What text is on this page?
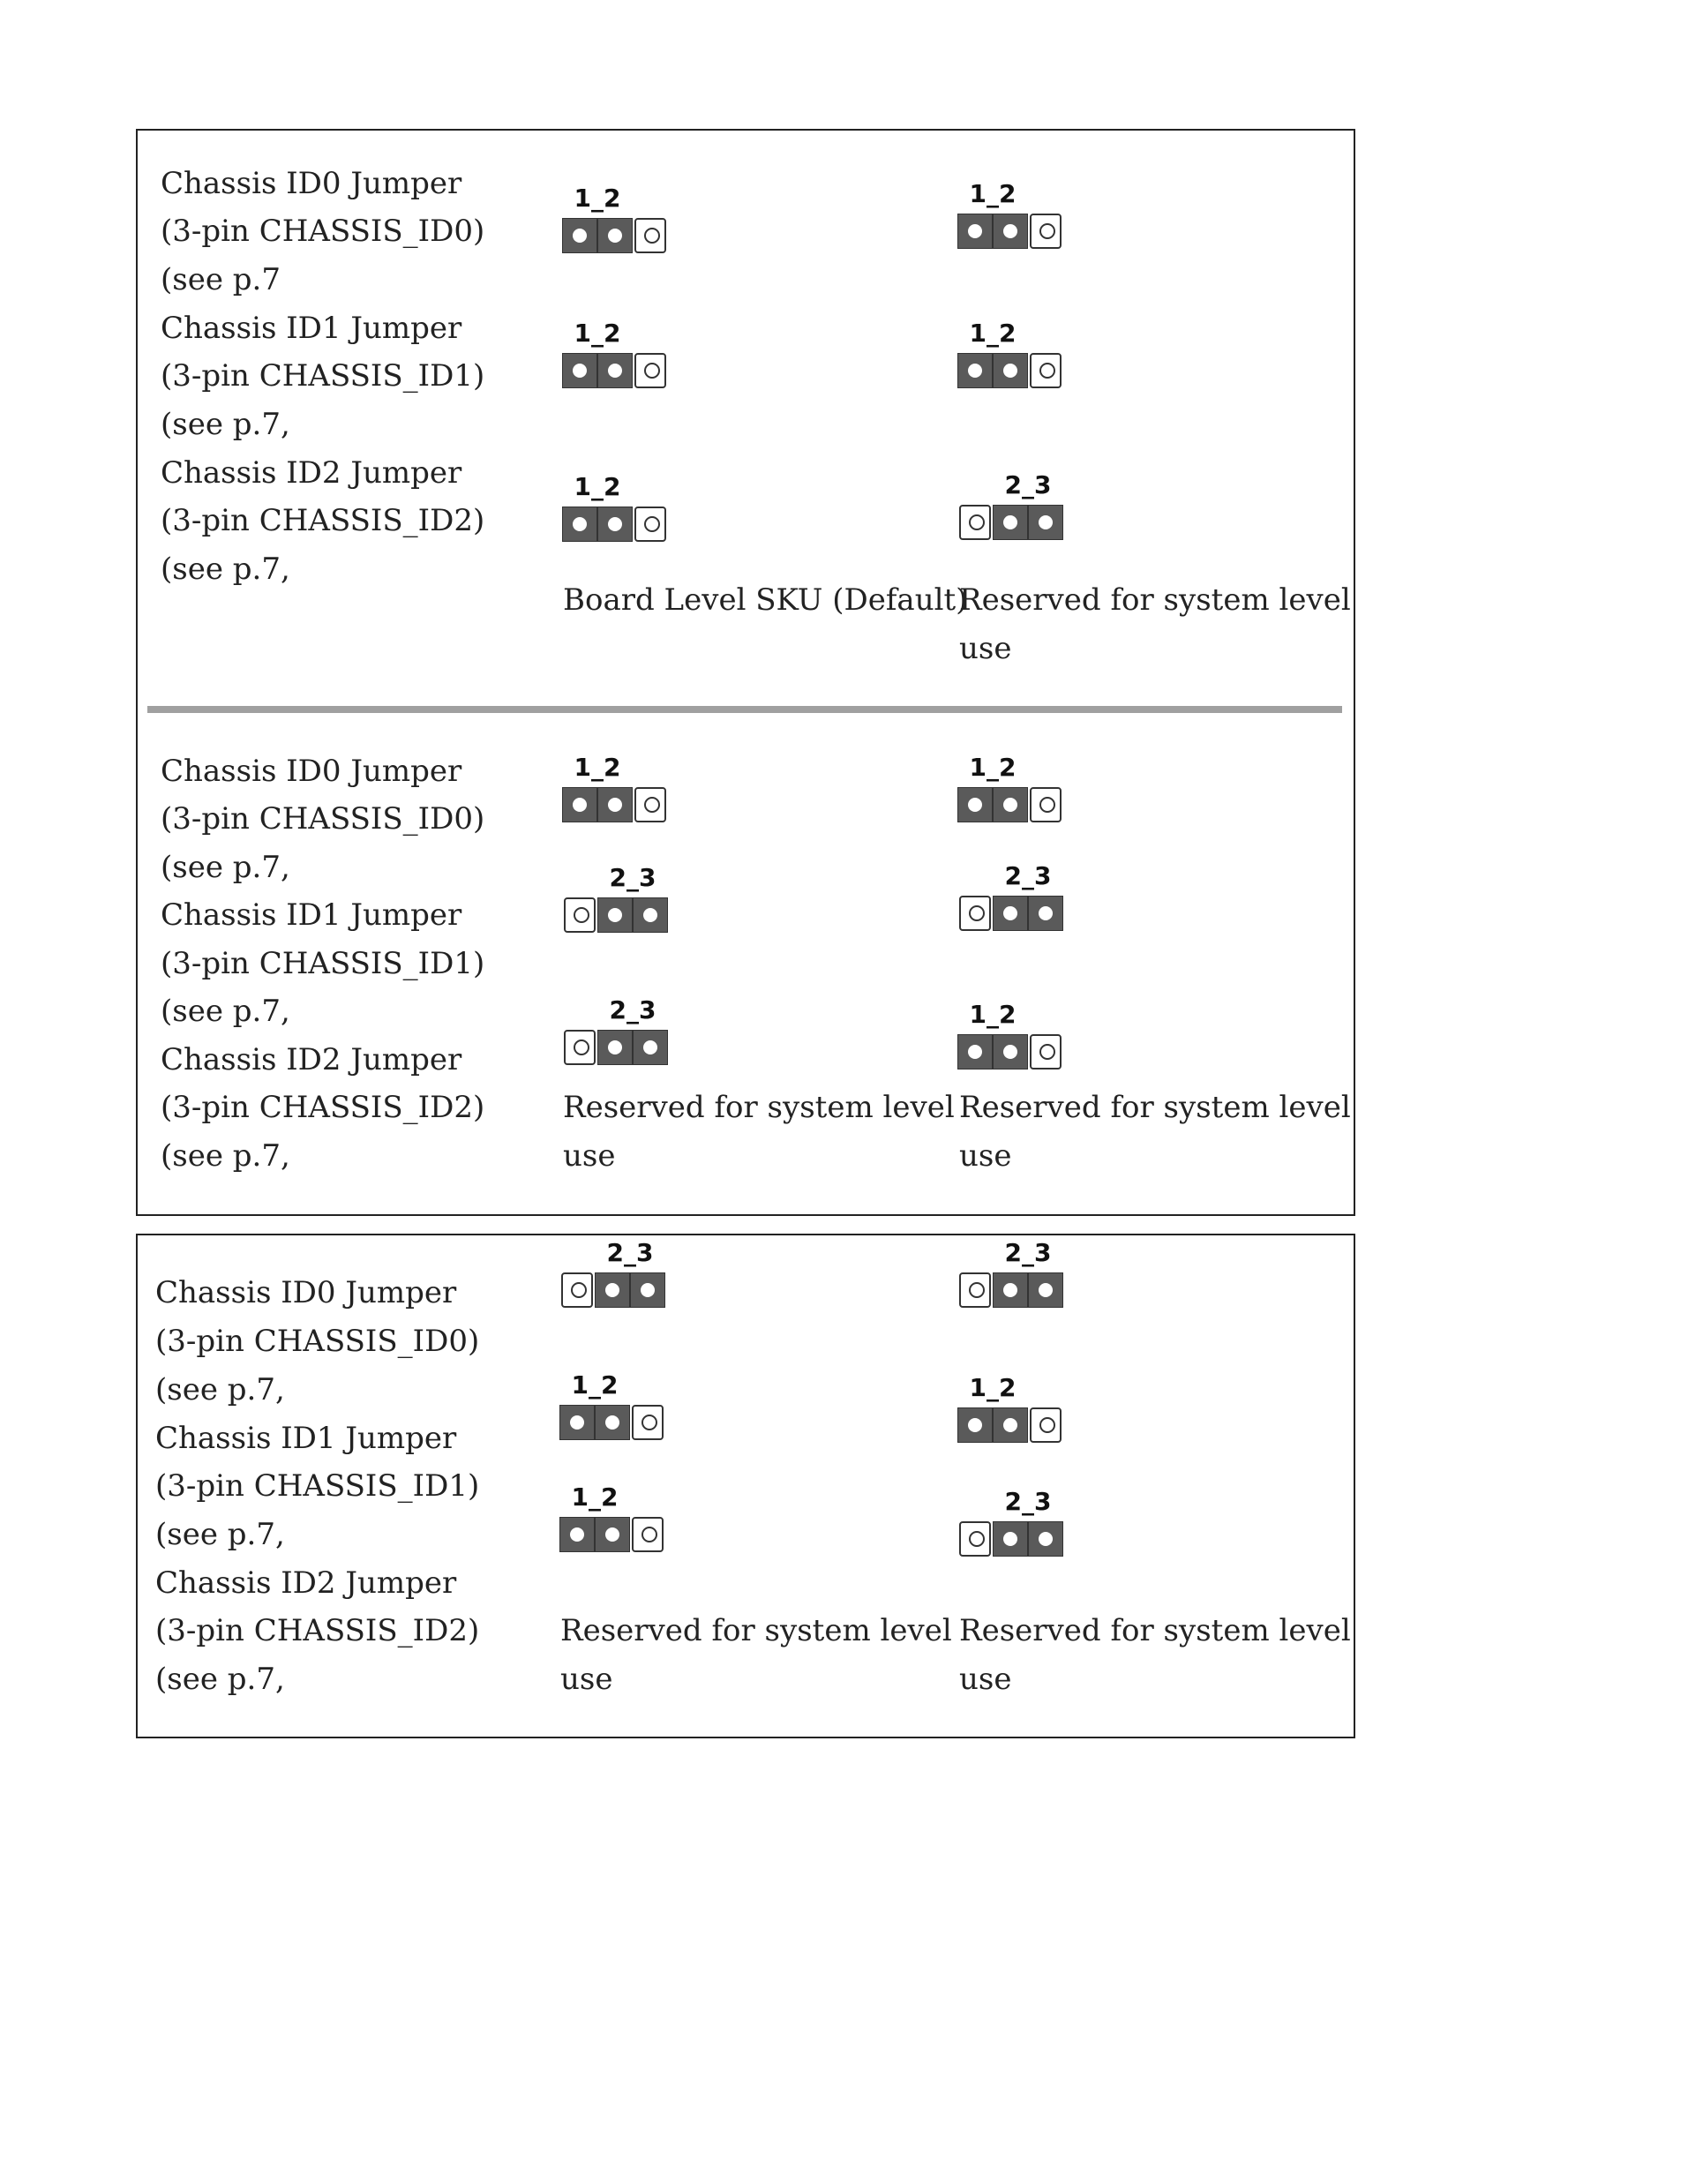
Chassis ID0 Jumper
(3-pin CHASSIS_ID0)
(see p.7
Chassis ID1 Jumper
(3-pin CHASSIS_ID1)
(see p.7,
Chassis ID2 Jumper
(3-pin CHASSIS_ID2)
(see p.7,
1_2
1_2
1_2
1_2
1_2
2_3
Board Level SKU (Default)
Reserved for system level
use
Chassis ID0 Jumper
(3-pin CHASSIS_ID0)
(see p.7,
Chassis ID1 Jumper
(3-pin CHASSIS_ID1)
(see p.7,
Chassis ID2 Jumper
(3-pin CHASSIS_ID2)
(see p.7,
1_2
2_3
2_3
1_2
2_3
1_2
Reserved for system level
use
Reserved for system level
use
Chassis ID0 Jumper
(3-pin CHASSIS_ID0)
(see p.7,
Chassis ID1 Jumper
(3-pin CHASSIS_ID1)
(see p.7,
Chassis ID2 Jumper
(3-pin CHASSIS_ID2)
(see p.7,
2_3
1_2
1_2
2_3
1_2
2_3
Reserved for system level
use
Reserved for system level
use
